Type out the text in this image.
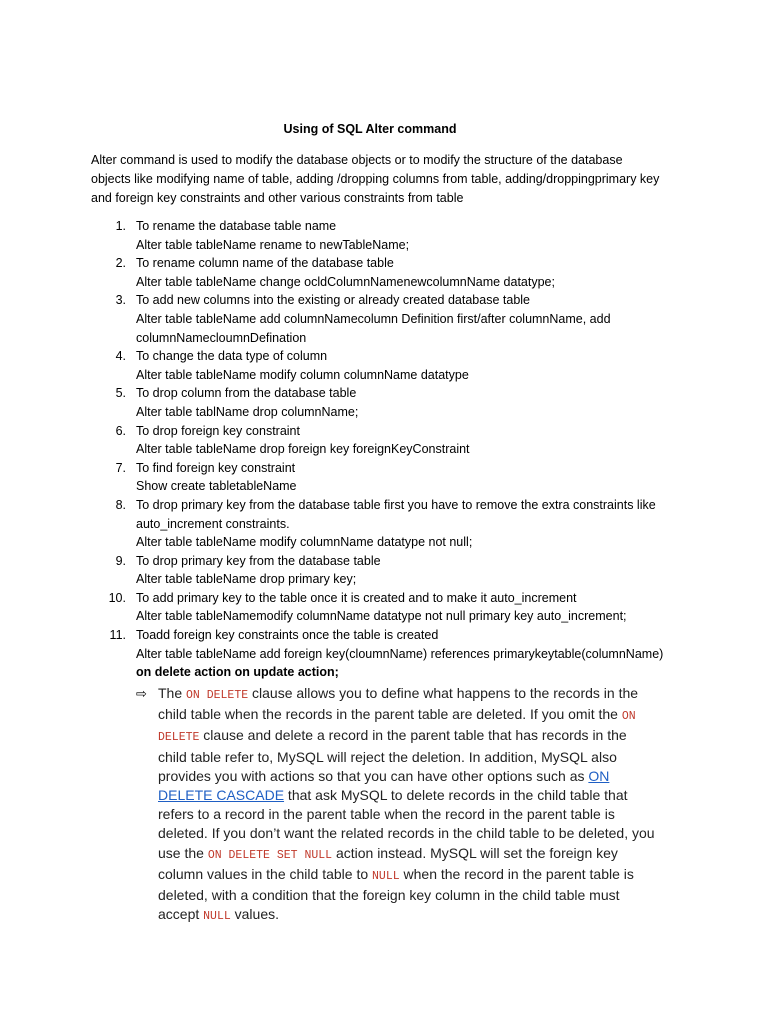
Using of SQL Alter command
Alter command is used to modify the database objects or to modify the structure of the database
objects like modifying name of table, adding /dropping columns from table, adding/droppingprimary key
and foreign key constraints and other various constraints from table
1. To rename the database table name
Alter table tableName rename to newTableName;
2. To rename column name of the database table
Alter table tableName change ocldColumnNamenewcolumnName datatype;
3. To add new columns into the existing or already created database table
Alter table tableName add columnNamecolumn Definition first/after columnName, add
columnNamecloumnDefination
4. To change the data type of column
Alter table tableName modify column columnName datatype
5. To drop column from the database table
Alter table tablName drop columnName;
6. To drop foreign key constraint
Alter table tableName drop foreign key foreignKeyConstraint
7. To find foreign key constraint
Show create tabletableName
8. To drop primary key from the database table first you have to remove the extra constraints like
auto_increment constraints.
Alter table tableName modify columnName datatype not null;
9. To drop primary key from the database table
Alter table tableName drop primary key;
10. To add primary key to the table once it is created and to make it auto_increment
Alter table tableNamemodify columnName datatype not null primary key auto_increment;
11. Toadd foreign key constraints once the table is created
Alter table tableName add foreign key(cloumnName) references primarykeytable(columnName)
on delete action on update action;
⇨ The ON DELETE clause allows you to define what happens to the records in the
child table when the records in the parent table are deleted. If you omit the ON
DELETE clause and delete a record in the parent table that has records in the
child table refer to, MySQL will reject the deletion. In addition, MySQL also
provides you with actions so that you can have other options such as ON
DELETE CASCADE that ask MySQL to delete records in the child table that
refers to a record in the parent table when the record in the parent table is
deleted. If you don’t want the related records in the child table to be deleted, you
use the ON DELETE SET NULL action instead. MySQL will set the foreign key
column values in the child table to NULL when the record in the parent table is
deleted, with a condition that the foreign key column in the child table must
accept NULL values.
